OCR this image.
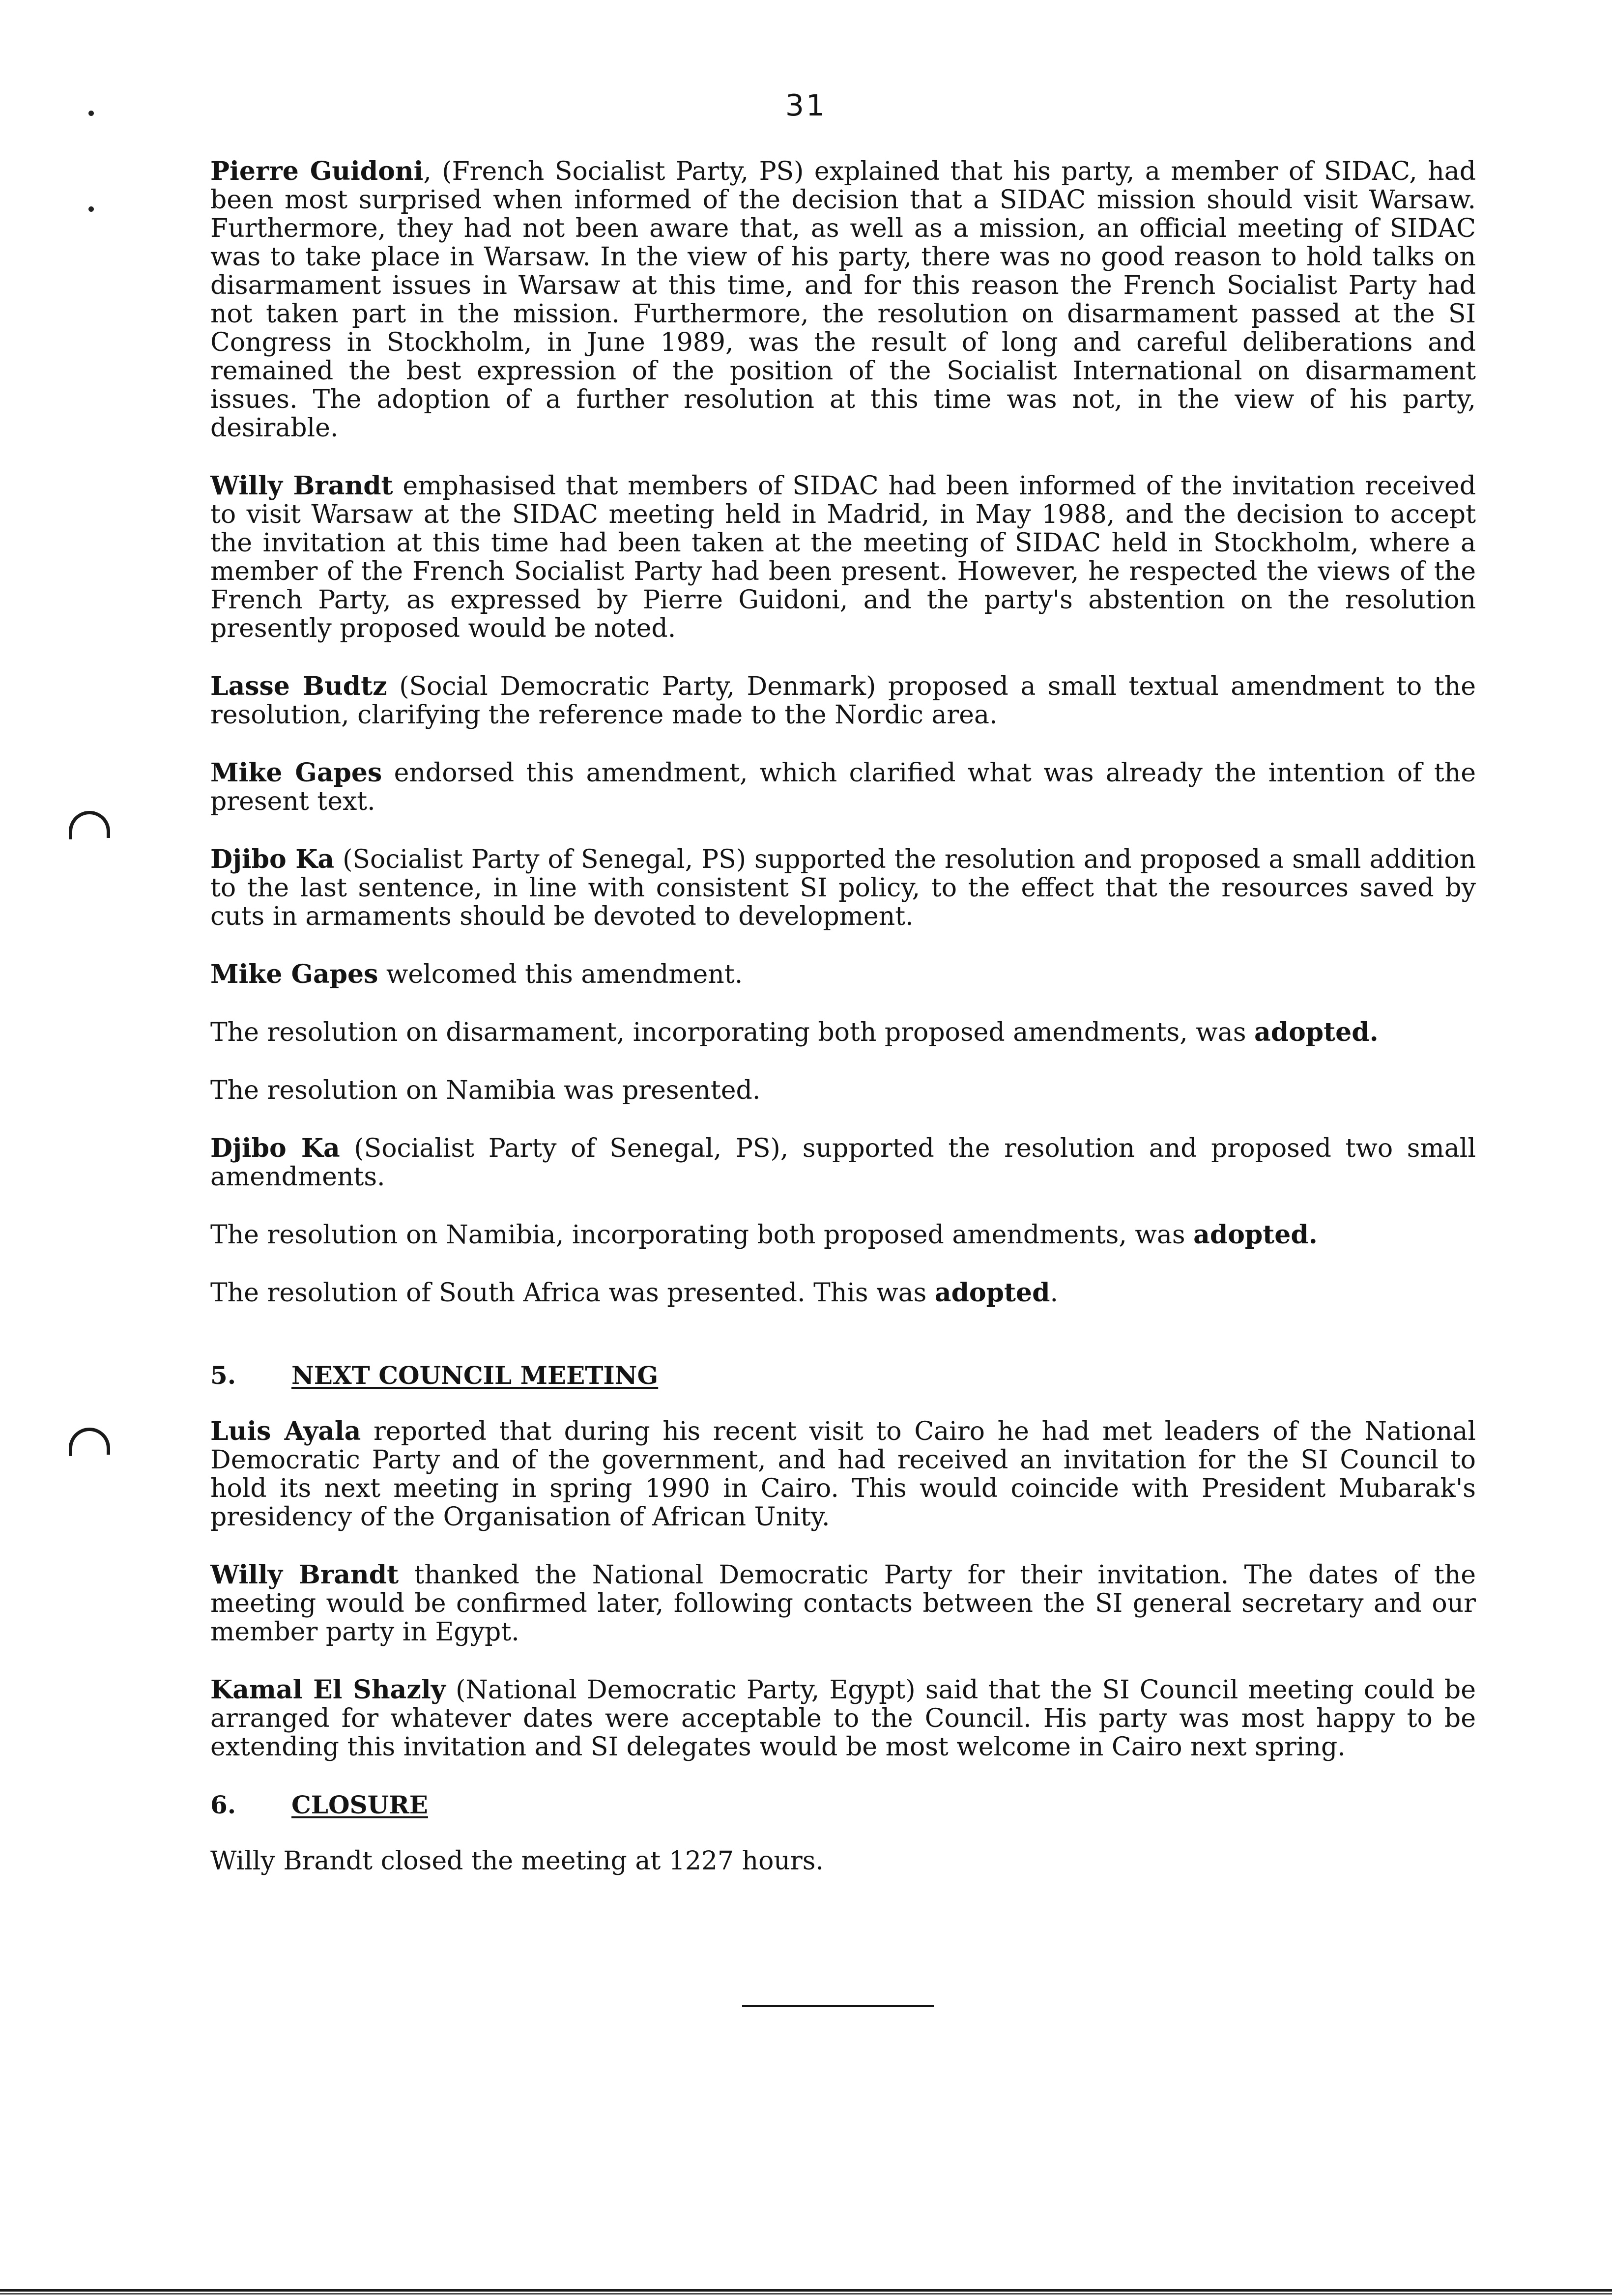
31

Pierre Guidoni, (French Socialist Party, PS) explained that his party, a member of SIDAC, had been most surprised when informed of the decision that a SIDAC mission should visit Warsaw. Furthermore, they had not been aware that, as well as a mission, an official meeting of SIDAC was to take place in Warsaw. In the view of his party, there was no good reason to hold talks on disarmament issues in Warsaw at this time, and for this reason the French Socialist Party had not taken part in the mission. Furthermore, the resolution on disarmament passed at the SI Congress in Stockholm, in June 1989, was the result of long and careful deliberations and remained the best expression of the position of the Socialist International on disarmament issues. The adoption of a further resolution at this time was not, in the view of his party, desirable.

Willy Brandt emphasised that members of SIDAC had been informed of the invitation received to visit Warsaw at the SIDAC meeting held in Madrid, in May 1988, and the decision to accept the invitation at this time had been taken at the meeting of SIDAC held in Stockholm, where a member of the French Socialist Party had been present. However, he respected the views of the French Party, as expressed by Pierre Guidoni, and the party's abstention on the resolution presently proposed would be noted.

Lasse Budtz (Social Democratic Party, Denmark) proposed a small textual amendment to the resolution, clarifying the reference made to the Nordic area.

Mike Gapes endorsed this amendment, which clarified what was already the intention of the present text.

Djibo Ka (Socialist Party of Senegal, PS) supported the resolution and proposed a small addition to the last sentence, in line with consistent SI policy, to the effect that the resources saved by cuts in armaments should be devoted to development.

Mike Gapes welcomed this amendment.

The resolution on disarmament, incorporating both proposed amendments, was adopted.

The resolution on Namibia was presented.

Djibo Ka (Socialist Party of Senegal, PS), supported the resolution and proposed two small amendments.

The resolution on Namibia, incorporating both proposed amendments, was adopted.

The resolution of South Africa was presented. This was adopted.

5.	NEXT COUNCIL MEETING

Luis Ayala reported that during his recent visit to Cairo he had met leaders of the National Democratic Party and of the government, and had received an invitation for the SI Council to hold its next meeting in spring 1990 in Cairo. This would coincide with President Mubarak's presidency of the Organisation of African Unity.

Willy Brandt thanked the National Democratic Party for their invitation. The dates of the meeting would be confirmed later, following contacts between the SI general secretary and our member party in Egypt.

Kamal El Shazly (National Democratic Party, Egypt) said that the SI Council meeting could be arranged for whatever dates were acceptable to the Council. His party was most happy to be extending this invitation and SI delegates would be most welcome in Cairo next spring.

6.	CLOSURE

Willy Brandt closed the meeting at 1227 hours.
